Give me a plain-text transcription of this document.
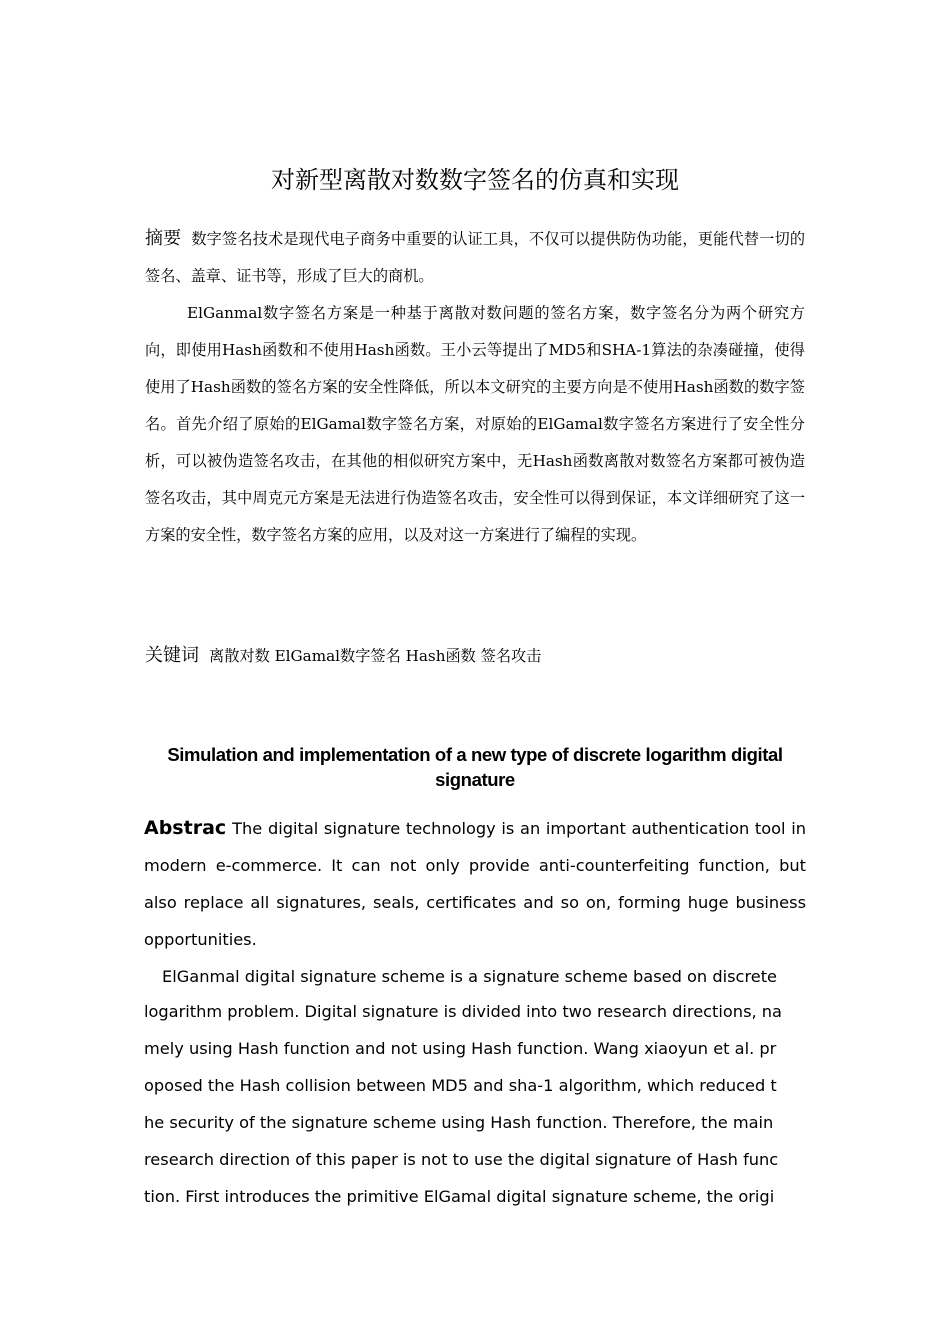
对新型离散对数数字签名的仿真和实现

摘要 数字签名技术是现代电子商务中重要的认证工具，不仅可以提供防伪功能，更能代替一切的签名、盖章、证书等，形成了巨大的商机。

ElGanmal数字签名方案是一种基于离散对数问题的签名方案，数字签名分为两个研究方向，即使用Hash函数和不使用Hash函数。王小云等提出了MD5和SHA-1算法的杂凑碰撞，使得使用了Hash函数的签名方案的安全性降低，所以本文研究的主要方向是不使用Hash函数的数字签名。首先介绍了原始的ElGamal数字签名方案，对原始的ElGamal数字签名方案进行了安全性分析，可以被伪造签名攻击，在其他的相似研究方案中，无Hash函数离散对数签名方案都可被伪造签名攻击，其中周克元方案是无法进行伪造签名攻击，安全性可以得到保证，本文详细研究了这一方案的安全性，数字签名方案的应用，以及对这一方案进行了编程的实现。

关键词 离散对数 ElGamal数字签名 Hash函数 签名攻击

Simulation and implementation of a new type of discrete logarithm digital signature

Abstrac The digital signature technology is an important authentication tool in modern e-commerce. It can not only provide anti-counterfeiting function, but also replace all signatures, seals, certificates and so on, forming huge business opportunities.

ElGanmal digital signature scheme is a signature scheme based on discrete
logarithm problem. Digital signature is divided into two research directions, na
mely using Hash function and not using Hash function. Wang xiaoyun et al. pr
oposed the Hash collision between MD5 and sha-1 algorithm, which reduced t
he security of the signature scheme using Hash function. Therefore, the main
research direction of this paper is not to use the digital signature of Hash func
tion. First introduces the primitive ElGamal digital signature scheme, the origi
